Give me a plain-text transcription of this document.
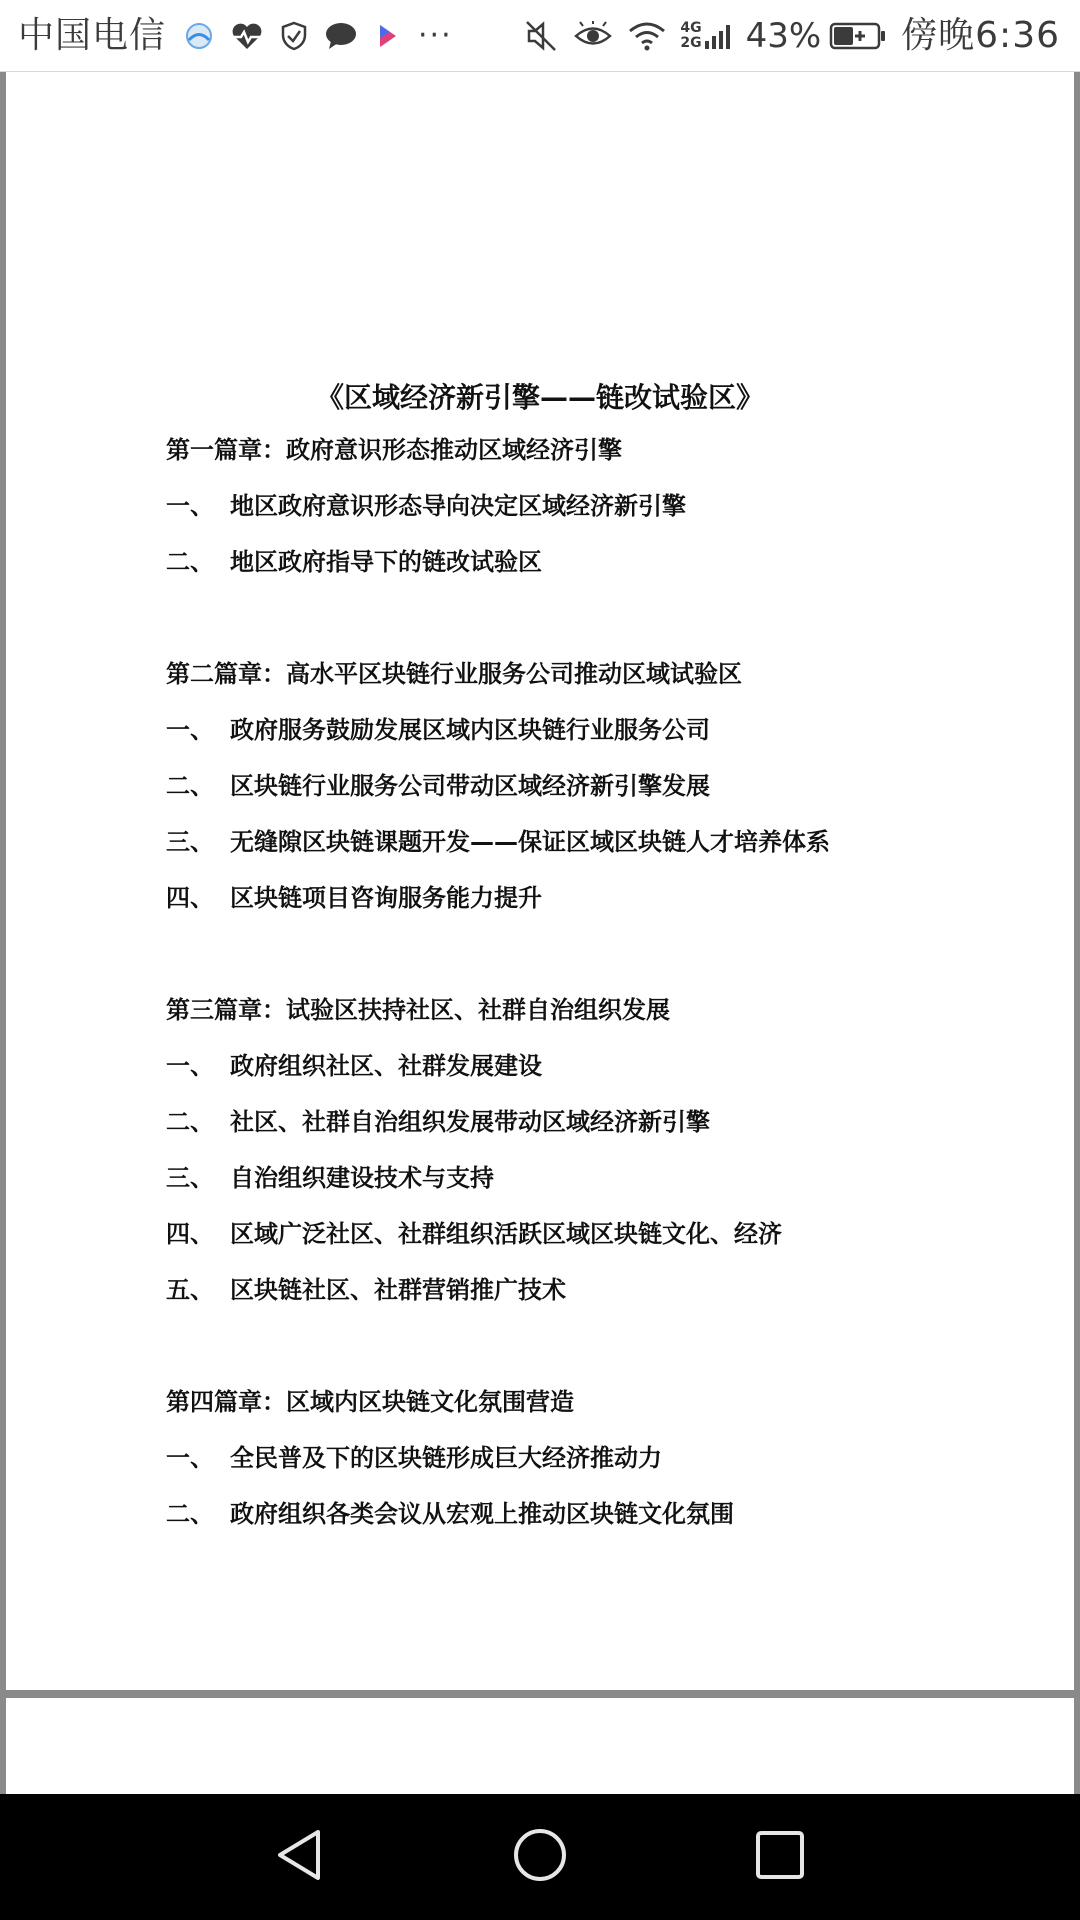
中国电信	···	4G
2G 43% 傍晚6:36
《区域经济新引擎——链改试验区》
第一篇章：政府意识形态推动区域经济引擎
一、 地区政府意识形态导向决定区域经济新引擎
二、 地区政府指导下的链改试验区
第二篇章：高水平区块链行业服务公司推动区域试验区
一、 政府服务鼓励发展区域内区块链行业服务公司
二、 区块链行业服务公司带动区域经济新引擎发展
三、 无缝隙区块链课题开发——保证区域区块链人才培养体系
四、 区块链项目咨询服务能力提升
第三篇章：试验区扶持社区、社群自治组织发展
一、 政府组织社区、社群发展建设
二、 社区、社群自治组织发展带动区域经济新引擎
三、 自治组织建设技术与支持
四、 区域广泛社区、社群组织活跃区域区块链文化、经济
五、 区块链社区、社群营销推广技术
第四篇章：区域内区块链文化氛围营造
一、 全民普及下的区块链形成巨大经济推动力
二、 政府组织各类会议从宏观上推动区块链文化氛围
